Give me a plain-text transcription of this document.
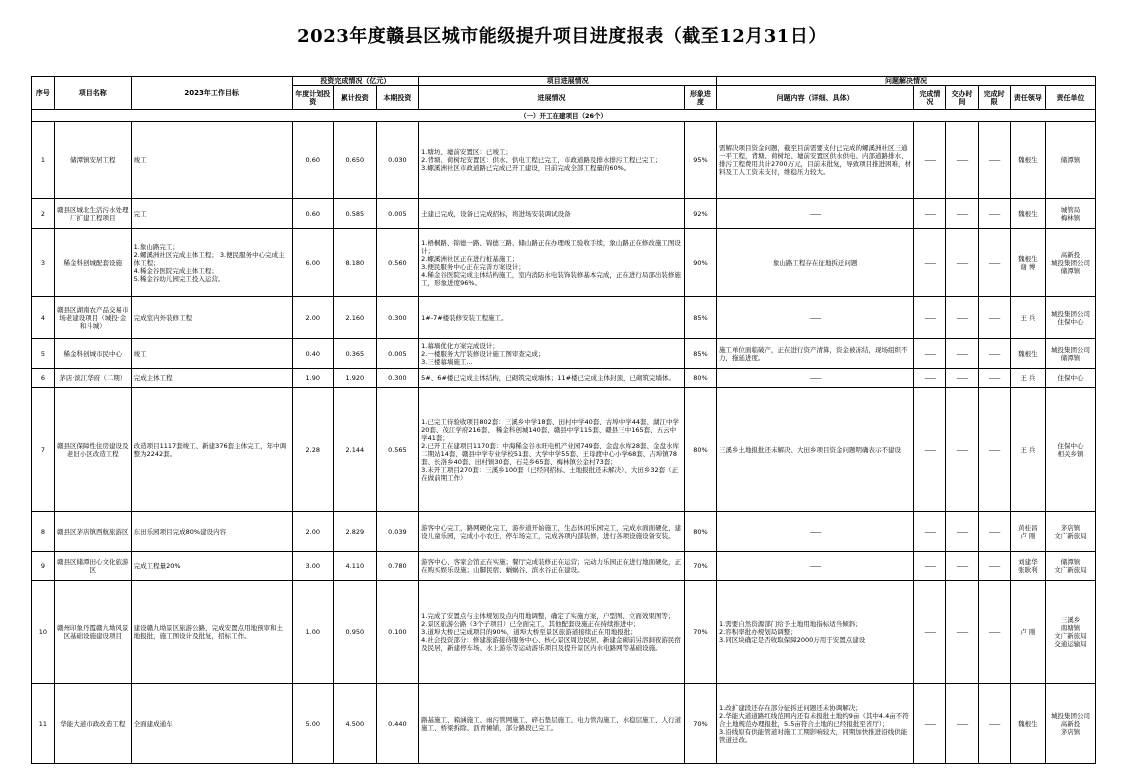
2023年度赣县区城市能级提升项目进度报表（截至12月31日）
序号	项目名称	2023年工作目标	投资完成情况（亿元）			项目进展情况		问题解决情况					
			年度计划投资	累计投资	本期投资	进展情况	形象进度	问题内容（详细、具体）	完成情况	交办时间	完成时限	责任领导	责任单位
（一）开工在建项目（26个）													
1	储潭镇安居工程	竣工	0.60	0.650	0.030	1.塘坊、墟前安置区：已竣工；
2.背塘、荷树坨安置区：供水、供电工程已完工，市政道路及排水排污工程已完工；
3.螺溪洲社区市政道路已完成已开工建设，目前完成全部工程量的60%。	95%	需解决项目资金问题，截至目前需要支付已完成的螺溪洲社区三通一平工程，背塘、荷树坨、墟前安置区供水供电、内部道路排水、排污工程费用共计2700万元，目前未批复，导致项目推进困难，材料及工人工资未支付，维稳压力较大。	——	——	——	魏根生	储潭镇
2	赣县区城北生活污水处理厂扩建工程项目	完工	0.60	0.585	0.005	土建已完成，设备已完成招标，将进场安装调试设备	92%	——	——	——	——	魏根生	城管局
梅林镇
3	稀金科创城配套设施	1.象山路完工；
2.螺溪洲社区完成主体工程； 3.便民服务中心完成主体工程；
4.稀金谷医院完成主体工程；
5.稀金谷幼儿园完工投入运营。	6.00	8.180	0.560	1.梧桐路、锦德一路、锦德三路、储山路正在办理竣工验收手续，象山路正在修改施工图设计；
2.螺溪洲社区正在进行桩基施工；
3.便民服务中心正在完善方案设计；
4.稀金谷医院完成主体结构施工，室内消防水电装饰装修基本完成，正在进行局部出装修施工，形象进度96%。	90%	象山路工程存在征地拆迁问题	——	——	——	魏根生
谢 博	高新投
城投集团公司
储潭镇
4	赣县区湖南农产品交易市场老建设项目（城投·金和斗城）	完成室内外装修工程	2.00	2.160	0.300	1#-7#楼装修安装工程施工。	85%	——	——	——	——	王 兵	城投集团公司
住保中心
5	稀金科创城市民中心	竣工	0.40	0.365	0.005	1.幕墙优化方案完成设计；
2.一楼服务大厅装修设计施工图审查完成；
3.三楼幕墙施工...	85%	施工单位面临破产，正在进行资产清算，资金被冻结，现场组织不力，拖延进度。	——	——	——	魏根生	城投集团公司
储潭镇
6	茅店·滨江华府（二期）	完成主体工程	1.90	1.920	0.300	5#、6#楼已完成主体结构，已砌筑完成墙体；11#楼已完成主体封顶，已砌筑完墙体。	80%	——	——	——	——	王 兵	住保中心
7	赣县区保障性住房建设及老旧小区改造工程	改造项目1117套竣工、新建376套主体完工，年中调整为2242套。	2.28	2.144	0.565	1.已完工待验收项目802套：三溪乡中学18套、田村中学40套、古埠中学44套、湖江中学20套、茂江学府216套、 稀金科创城140套、赣县中学115套、赣县三中165套、五云中学41套；
2.已开工在建项目1170套：中海稀金谷永旺电机产业园749套、金盘水库28套、金盘水库二期站14套、赣县中学专业学校51套、大学中学55套、王母渡中心小学68套、吉埠镇78套、长洛乡40套、田村镇30套、石芫乡65套、梅林镇公金村73套；
3.未开工项目270套：三溪乡100套（已经同招标、土地报批还未解决）、大田乡32套（正在做前期工作）	80%	三溪乡土地报批还未解决、大田乡项目资金问题明确表示不建设	——	——	——	王 兵	住保中心
相关乡镇
8	赣县区茅店镇西航旅游区	东田乐园项目完成80%建设内容	2.00	2.829	0.039	游客中心完工，路网硬化完工，游步道开始施工，生态休闲乐园完工，完成水面面硬化，建设儿童乐园，完成小小农庄，停车场完工，完成各项内部装修，进行各项设施设备安装。	80%	——	——	——	——	黄桂昌
卢 刚	茅店镇
文广新旅局
9	赣县区储潭田心文化旅游区	完成工程量20%	3.00	4.110	0.780	游客中心、客家会馆正在实施；餐厅完成装修正在运营；完动力乐园正在进行地面硬化，正在购买娱乐设施；山脚民宿、蜗蜗谷、滨水谷正在建设。	70%	——	——	——	——	刘建华
张耿利	储潭镇
文广新旅局
10	赣州印象丹霞赣九坳风景区基础设施建设项目	建设赣九坳景区旅游公路，完成安置点用地预审和土地报批，施工图设计及批复，招标工作。	1.00	0.950	0.100	1.完成了安置点与主体规划及点内用地调整，确定了实施方案，户型图、立面效果图等；
2.景区旅游公路（3个子项目）已全面完工，其他配套设施正在持续推进中；
3.道埠大桥已完成项目的90%，道埠大桥至景区旅游道接续正在用地报批；
4.社会投资部分：修建旅游接待服务中心、核心景区周边民居、新建金砌前另溶洞夜游民宿及民居，新建停车场、水上游乐等运动游乐项目及提升景区内水电路网等基础设施。	70%	1.需要自然资源部门给予土地用地指标适当倾斜；
2.容积率批办规划局调整；
3.同区块确定是否收取保障2000万用于安置点建设	——	——	——	卢 刚	三溪乡
南塘镇
文广新旅局
交通运输局
11	华能大道市政改造工程	全面建成通车	5.00	4.500	0.440	路基施工、箱涵施工、雨污管网施工、碎石垫层施工、电力管沟施工、水稳层施工、人行道施工、桥梁拆除、沥青摊铺，部分路段已完工。	70%	1.改扩建段还存在部分征拆迁问题还未协调解决；
2.华能大道道路红线范围内还有未报批土地约9亩（其中4.4亩不符合土地规范办理报批，5.5亩符合土地的已经报批至省厅）；
3.沿线原有供能管道对施工工期影响较大，同期加快推进沿线供能管道迁改。	——	——	——	魏根生	城投集团公司
高新投
茅店镇
